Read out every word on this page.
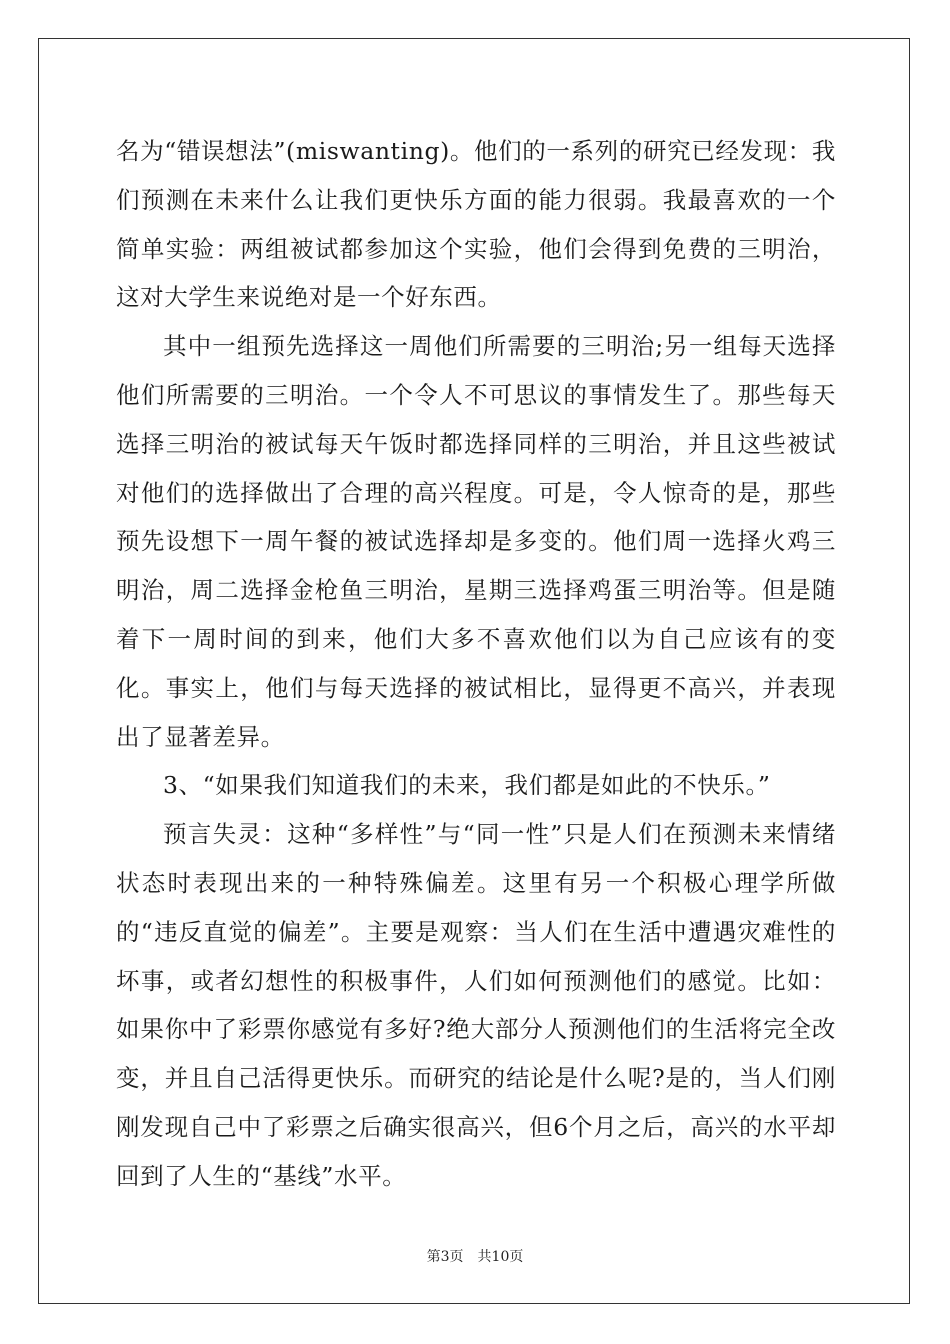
名为“错误想法”(miswanting)。他们的一系列的研究已经发现：我们预测在未来什么让我们更快乐方面的能力很弱。我最喜欢的一个简单实验：两组被试都参加这个实验，他们会得到免费的三明治，这对大学生来说绝对是一个好东西。

其中一组预先选择这一周他们所需要的三明治;另一组每天选择他们所需要的三明治。一个令人不可思议的事情发生了。那些每天选择三明治的被试每天午饭时都选择同样的三明治，并且这些被试对他们的选择做出了合理的高兴程度。可是，令人惊奇的是，那些预先设想下一周午餐的被试选择却是多变的。他们周一选择火鸡三明治，周二选择金枪鱼三明治，星期三选择鸡蛋三明治等。但是随着下一周时间的到来，他们大多不喜欢他们以为自己应该有的变化。事实上，他们与每天选择的被试相比，显得更不高兴，并表现出了显著差异。

3、“如果我们知道我们的未来，我们都是如此的不快乐。”

预言失灵：这种“多样性”与“同一性”只是人们在预测未来情绪状态时表现出来的一种特殊偏差。这里有另一个积极心理学所做的“违反直觉的偏差”。主要是观察：当人们在生活中遭遇灾难性的坏事，或者幻想性的积极事件，人们如何预测他们的感觉。比如：如果你中了彩票你感觉有多好?绝大部分人预测他们的生活将完全改变，并且自己活得更快乐。而研究的结论是什么呢?是的，当人们刚刚发现自己中了彩票之后确实很高兴，但6个月之后，高兴的水平却回到了人生的“基线”水平。

第3页 共10页
